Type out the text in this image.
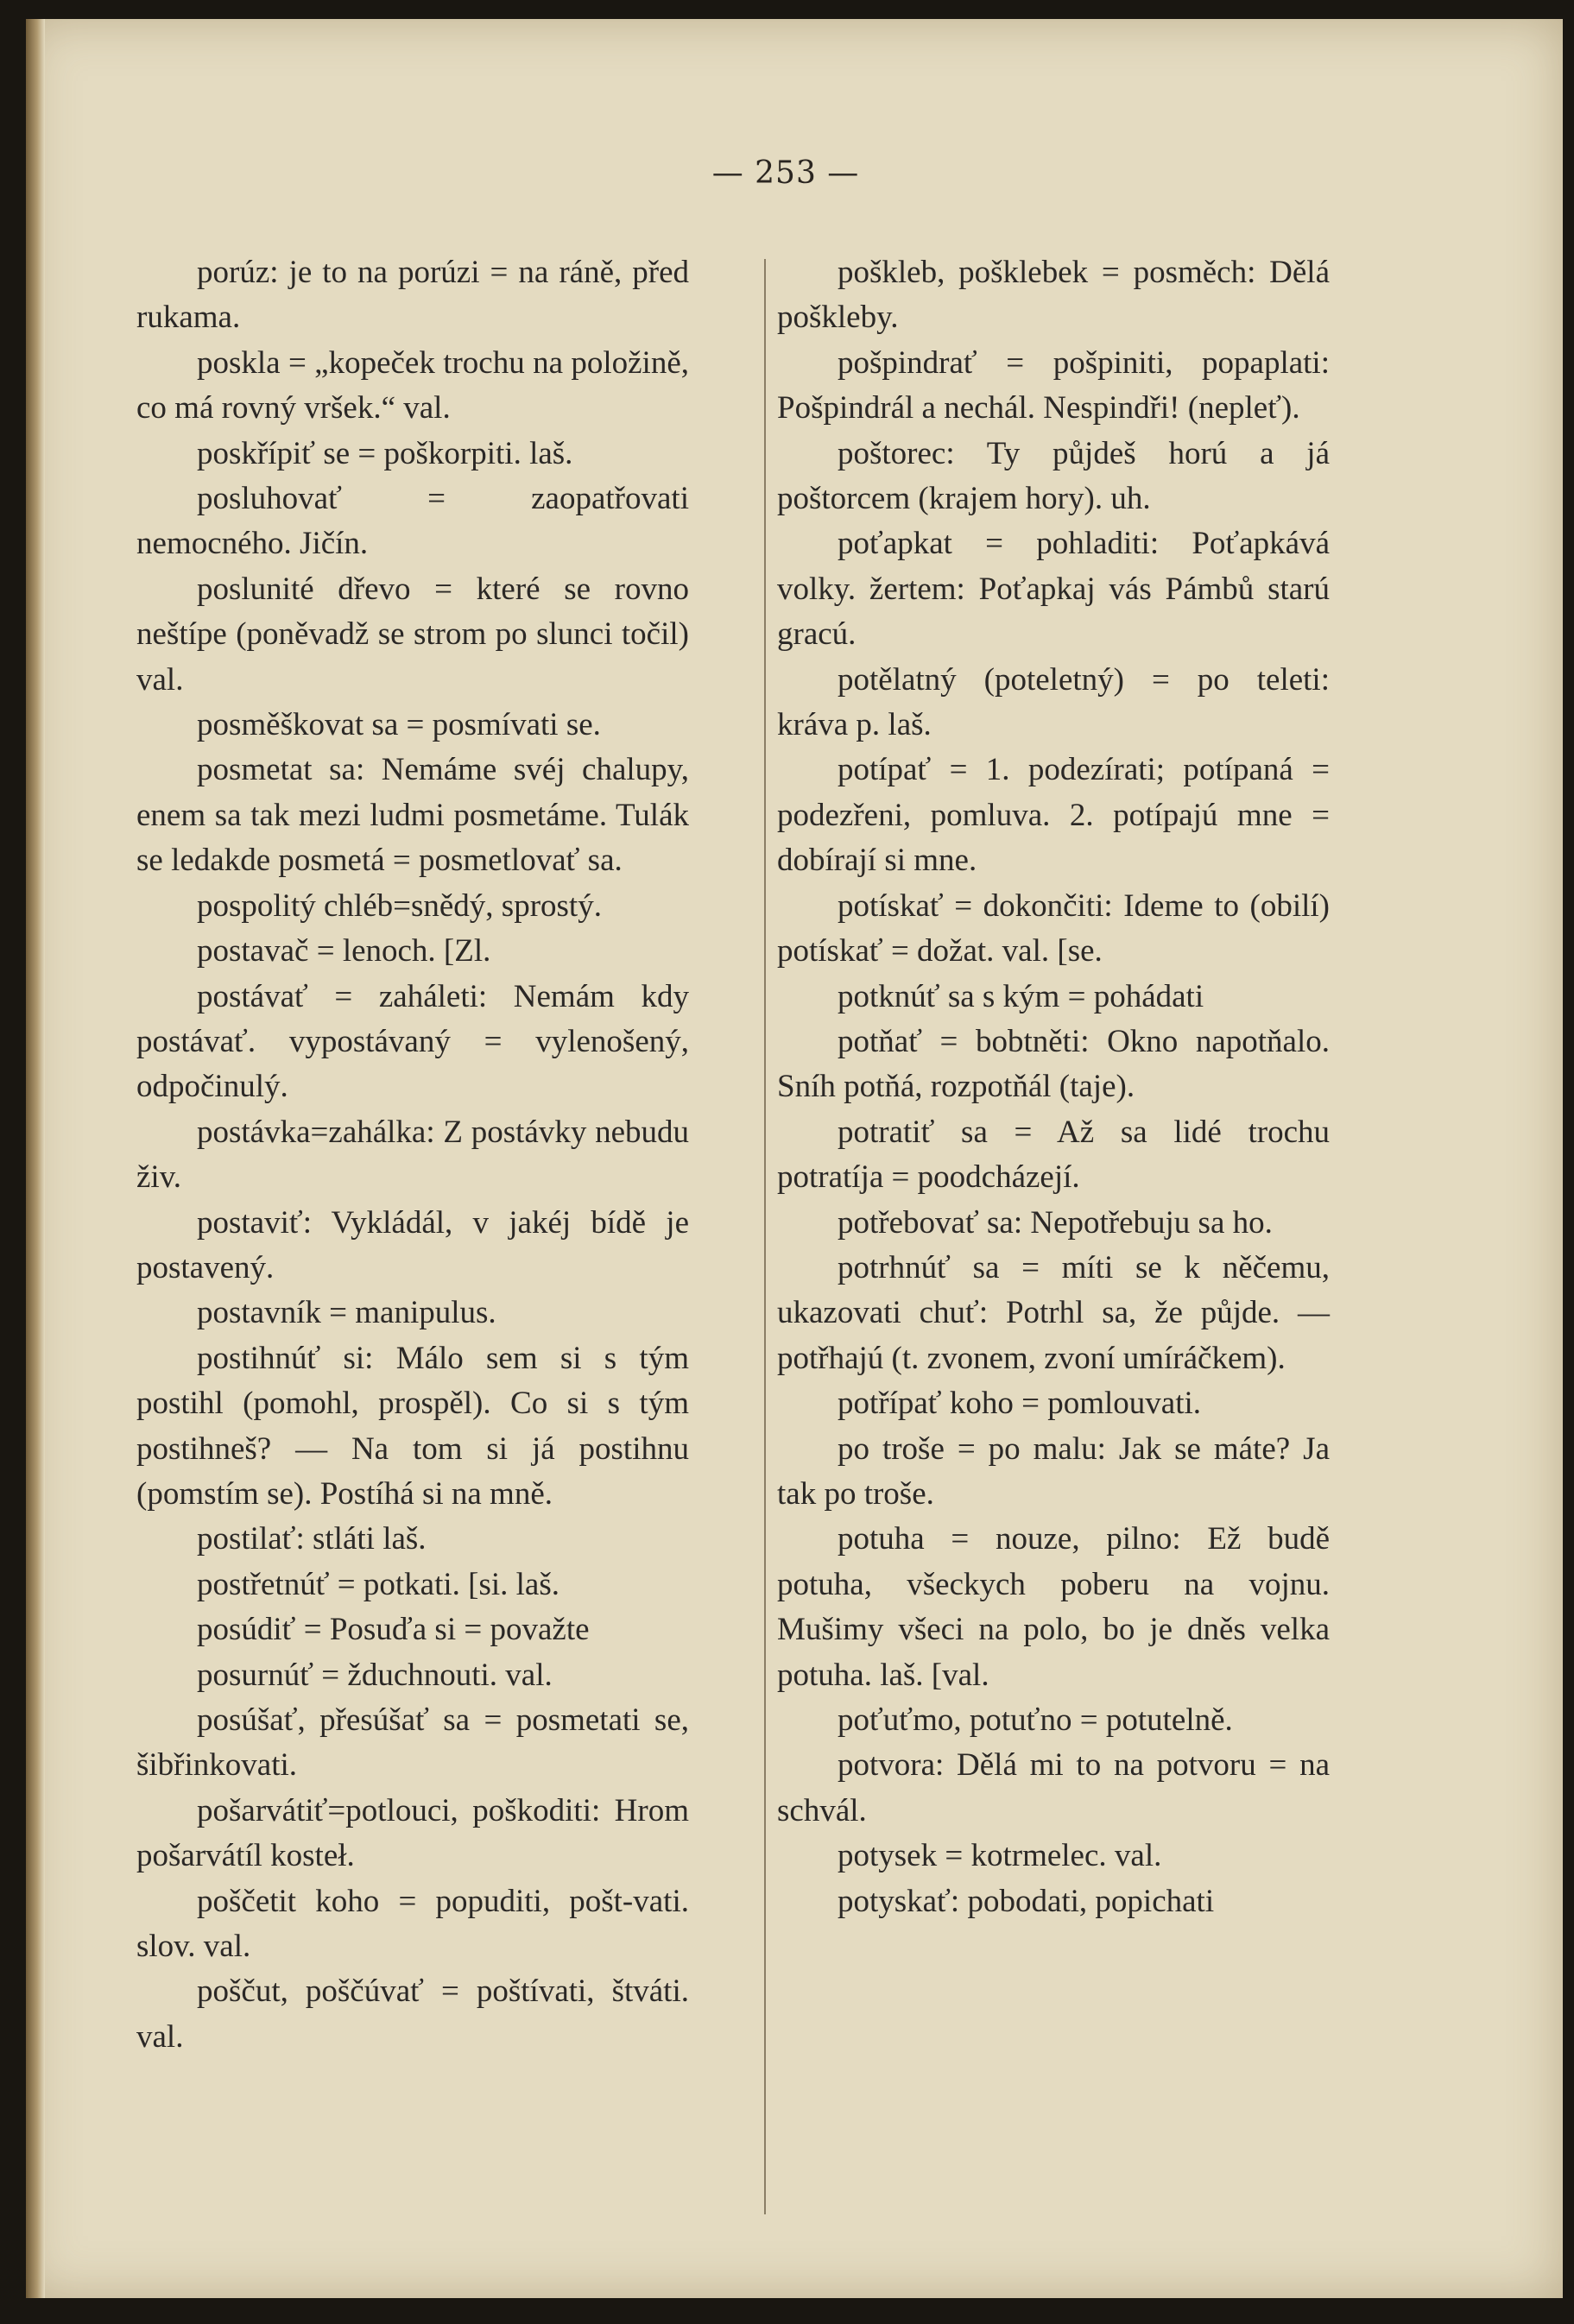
— 253 —

porúz: je to na porúzi = na ráně, před rukama.

poskla = „kopeček trochu na položině, co má rovný vršek.“ val.

poskřípiť se = poškorpiti. laš.

posluhovať = zaopatřovati nemocného. Jičín.

poslunité dřevo = které se rovno neštípe (poněvadž se strom po slunci točil) val.

posměškovat sa = posmívati se.

posmetat sa: Nemáme svéj chalupy, enem sa tak mezi ludmi posmetáme. Tulák se ledakde posmetá = posmetlovať sa.

pospolitý chléb=snědý, sprostý.

postavač = lenoch. [Zl.

postávať = zaháleti: Nemám kdy postávať. vypostávaný = vylenošený, odpočinulý.

postávka=zahálka: Z postávky nebudu živ.

postaviť: Vykládál, v jakéj bídě je postavený.

postavník = manipulus.

postihnúť si: Málo sem si s tým postihl (pomohl, prospěl). Co si s tým postihneš? — Na tom si já postihnu (pomstím se). Postíhá si na mně.

postilať: stláti laš.

postřetnúť = potkati. [si. laš.

posúdiť = Posuďa si = považte

posurnúť = žduchnouti. val.

posúšať, přesúšať sa = posmetati se, šibřinkovati.

pošarvátiť=potlouci, poškoditi: Hrom pošarvátíl kosteł.

poščetit koho = popuditi, pošt-vati. slov. val.

poščut, poščúvať = poštívati, štváti. val.

pošklеb, pošklebek = posměch: Dělá pošklеby.

pošpindrať = pošpiniti, popaplati: Pošpindrál a nechál. Nespindři! (nepleť).

poštorec: Ty půjdeš horú a já poštorcem (krajem hory). uh.

poťapkat = pohladiti: Poťapkává volky. žertem: Poťapkaj vás Pámbů starú gracú.

potělatný (poteletný) = po teleti: kráva p. laš.

potípať = 1. podezírati; potípaná = podezřeni, pomluva. 2. potípajú mne = dobírají si mne.

potískať = dokončiti: Ideme to (obilí) potískať = dožat. val. [se.

potknúť sa s kým = pohádati

potňať = bobtněti: Okno napotňalo. Sníh potňá, rozpotňál (taje).

potratiť sa = Až sa lidé trochu potratíja = poodcházejí.

potřebovať sa: Nepotřebuju sa ho.

potrhnúť sa = míti se k něčemu, ukazovati chuť: Potrhl sa, že půjde. — potřhajú (t. zvonem, zvoní umíráčkem).

potřípať koho = pomlouvati.

po troše = po malu: Jak se máte? Ja tak po troše.

potuha = nouze, pilno: Ež budě potuha, všeckych poberu na vojnu. Mušimy všeci na polo, bo je dněs velka potuha. laš. [val.

poťuťmo, potuťno = potutelně.

potvora: Dělá mi to na potvoru = na schvál.

potysek = kotrmelec. val.

potyskať: pobodati, popichati
